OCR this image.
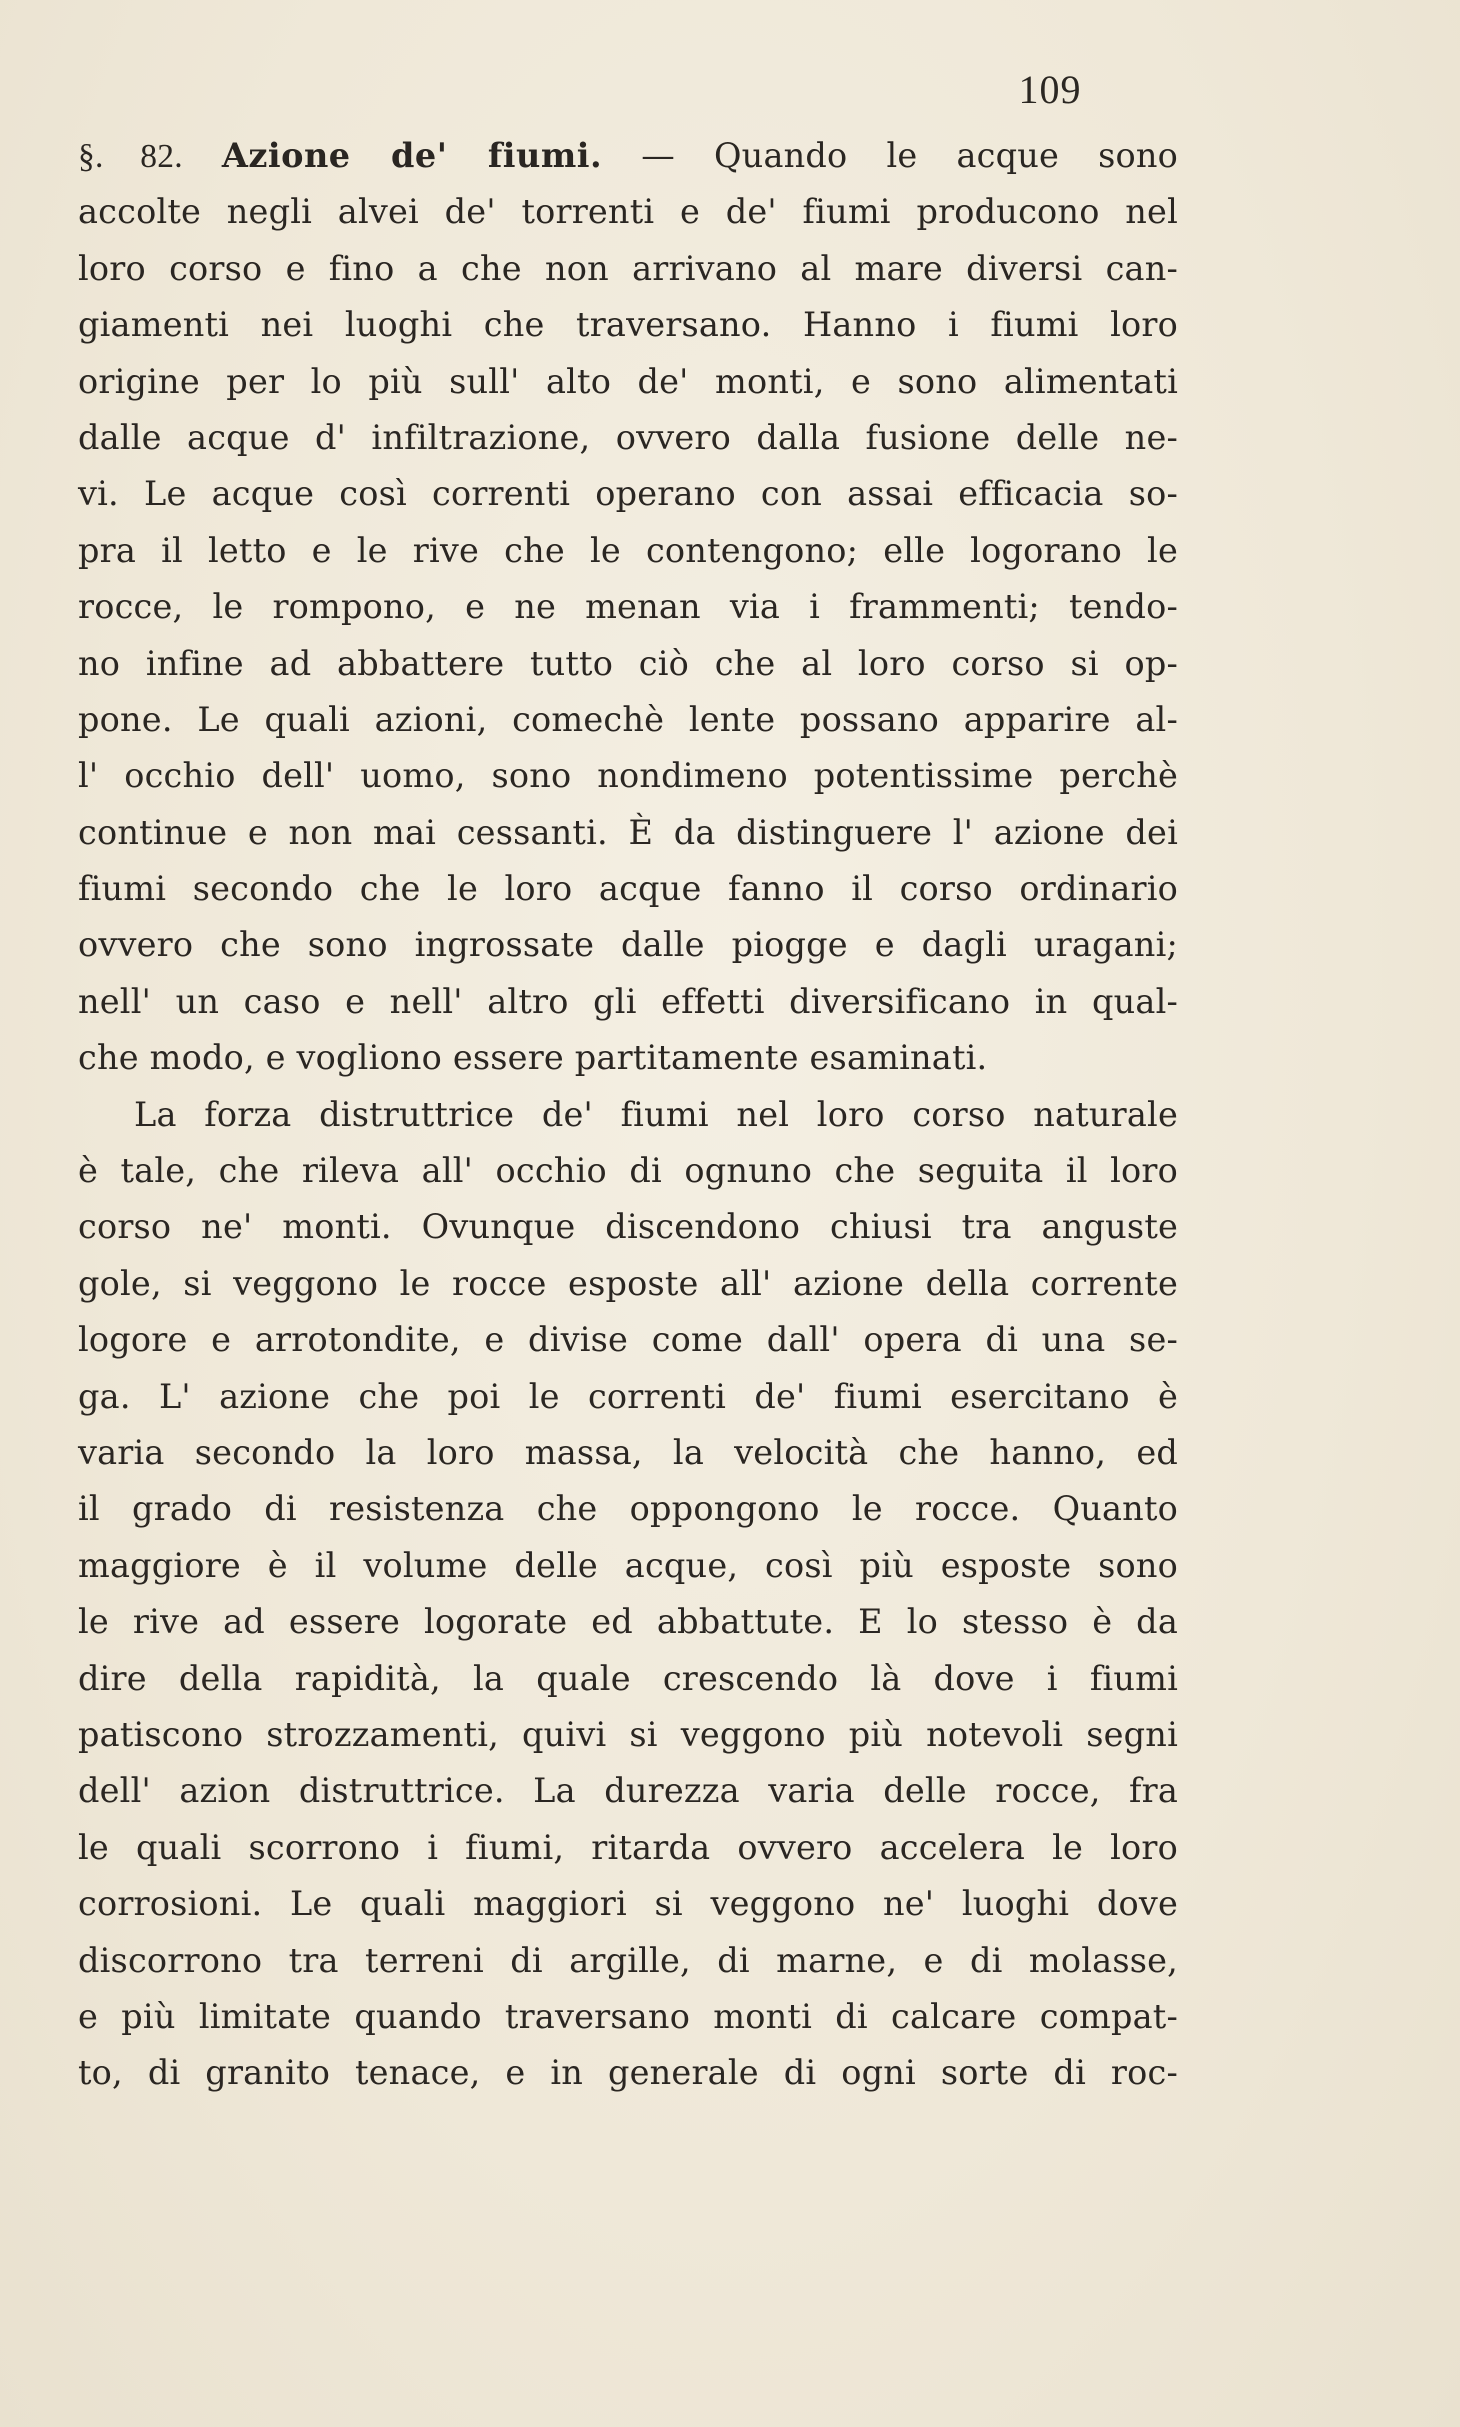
109
§. 82. Azione de' fiumi. — Quando le acque sono
accolte negli alvei de' torrenti e de' fiumi producono nel
loro corso e fino a che non arrivano al mare diversi can-
giamenti nei luoghi che traversano. Hanno i fiumi loro
origine per lo più sull' alto de' monti, e sono alimentati
dalle acque d' infiltrazione, ovvero dalla fusione delle ne-
vi. Le acque così correnti operano con assai efficacia so-
pra il letto e le rive che le contengono; elle logorano le
rocce, le rompono, e ne menan via i frammenti; tendo-
no infine ad abbattere tutto ciò che al loro corso si op-
pone. Le quali azioni, comechè lente possano apparire al-
l' occhio dell' uomo, sono nondimeno potentissime perchè
continue e non mai cessanti. È da distinguere l' azione dei
fiumi secondo che le loro acque fanno il corso ordinario
ovvero che sono ingrossate dalle piogge e dagli uragani;
nell' un caso e nell' altro gli effetti diversificano in qual-
che modo, e vogliono essere partitamente esaminati.
La forza distruttrice de' fiumi nel loro corso naturale
è tale, che rileva all' occhio di ognuno che seguita il loro
corso ne' monti. Ovunque discendono chiusi tra anguste
gole, si veggono le rocce esposte all' azione della corrente
logore e arrotondite, e divise come dall' opera di una se-
ga. L' azione che poi le correnti de' fiumi esercitano è
varia secondo la loro massa, la velocità che hanno, ed
il grado di resistenza che oppongono le rocce. Quanto
maggiore è il volume delle acque, così più esposte sono
le rive ad essere logorate ed abbattute. E lo stesso è da
dire della rapidità, la quale crescendo là dove i fiumi
patiscono strozzamenti, quivi si veggono più notevoli segni
dell' azion distruttrice. La durezza varia delle rocce, fra
le quali scorrono i fiumi, ritarda ovvero accelera le loro
corrosioni. Le quali maggiori si veggono ne' luoghi dove
discorrono tra terreni di argille, di marne, e di molasse,
e più limitate quando traversano monti di calcare compat-
to, di granito tenace, e in generale di ogni sorte di roc-
